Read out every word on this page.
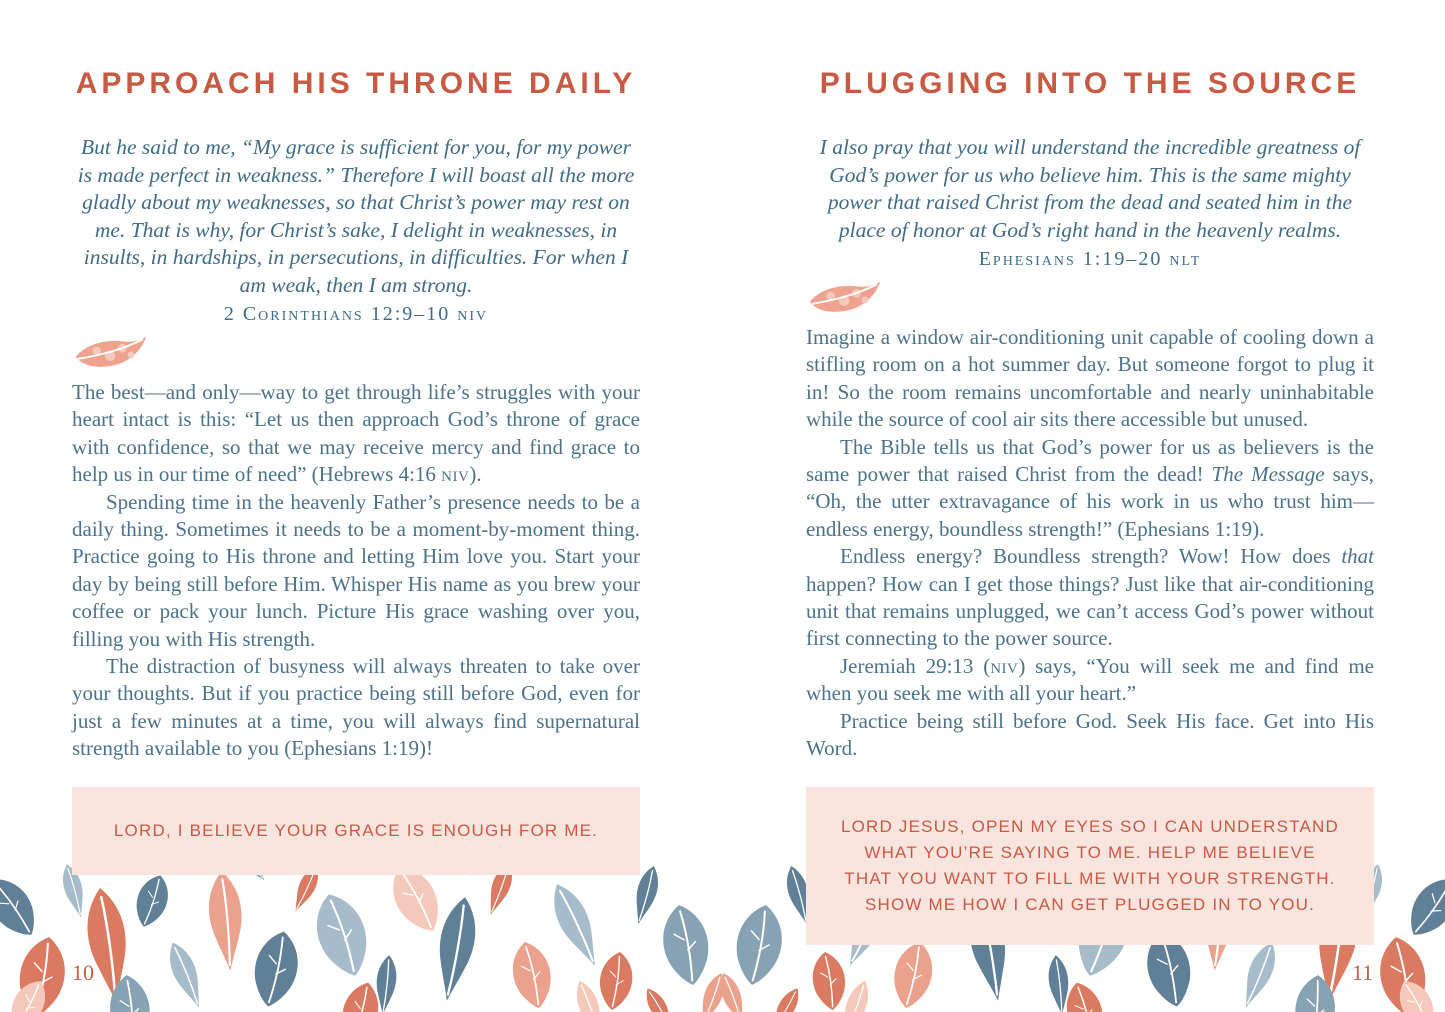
APPROACH HIS THRONE DAILY
But he said to me, “My grace is sufficient for you, for my power is made perfect in weakness.” Therefore I will boast all the more gladly about my weaknesses, so that Christ’s power may rest on me. That is why, for Christ’s sake, I delight in weaknesses, in insults, in hardships, in persecutions, in difficulties. For when I am weak, then I am strong.
2 Corinthians 12:9–10 niv

The best—and only—way to get through life’s struggles with your heart intact is this: “Let us then approach God’s throne of grace with confidence, so that we may receive mercy and find grace to help us in our time of need” (Hebrews 4:16 niv).

Spending time in the heavenly Father’s presence needs to be a daily thing. Sometimes it needs to be a moment-by-moment thing. Practice going to His throne and letting Him love you. Start your day by being still before Him. Whisper His name as you brew your coffee or pack your lunch. Picture His grace washing over you, filling you with His strength.

The distraction of busyness will always threaten to take over your thoughts. But if you practice being still before God, even for just a few minutes at a time, you will always find supernatural strength available to you (Ephesians 1:19)!

LORD, I BELIEVE YOUR GRACE IS ENOUGH FOR ME.
PLUGGING INTO THE SOURCE
I also pray that you will understand the incredible greatness of God’s power for us who believe him. This is the same mighty power that raised Christ from the dead and seated him in the place of honor at God’s right hand in the heavenly realms.
Ephesians 1:19–20 nlt

Imagine a window air-conditioning unit capable of cooling down a stifling room on a hot summer day. But someone forgot to plug it in! So the room remains uncomfortable and nearly uninhabitable while the source of cool air sits there accessible but unused.

The Bible tells us that God’s power for us as believers is the same power that raised Christ from the dead! The Message says, “Oh, the utter extravagance of his work in us who trust him—endless energy, boundless strength!” (Ephesians 1:19).

Endless energy? Boundless strength? Wow! How does that happen? How can I get those things? Just like that air-conditioning unit that remains unplugged, we can’t access God’s power without first connecting to the power source.

Jeremiah 29:13 (niv) says, “You will seek me and find me when you seek me with all your heart.”

Practice being still before God. Seek His face. Get into His Word.

LORD JESUS, OPEN MY EYES SO I CAN UNDERSTAND WHAT YOU’RE SAYING TO ME. HELP ME BELIEVE THAT YOU WANT TO FILL ME WITH YOUR STRENGTH. SHOW ME HOW I CAN GET PLUGGED IN TO YOU.
10	11
